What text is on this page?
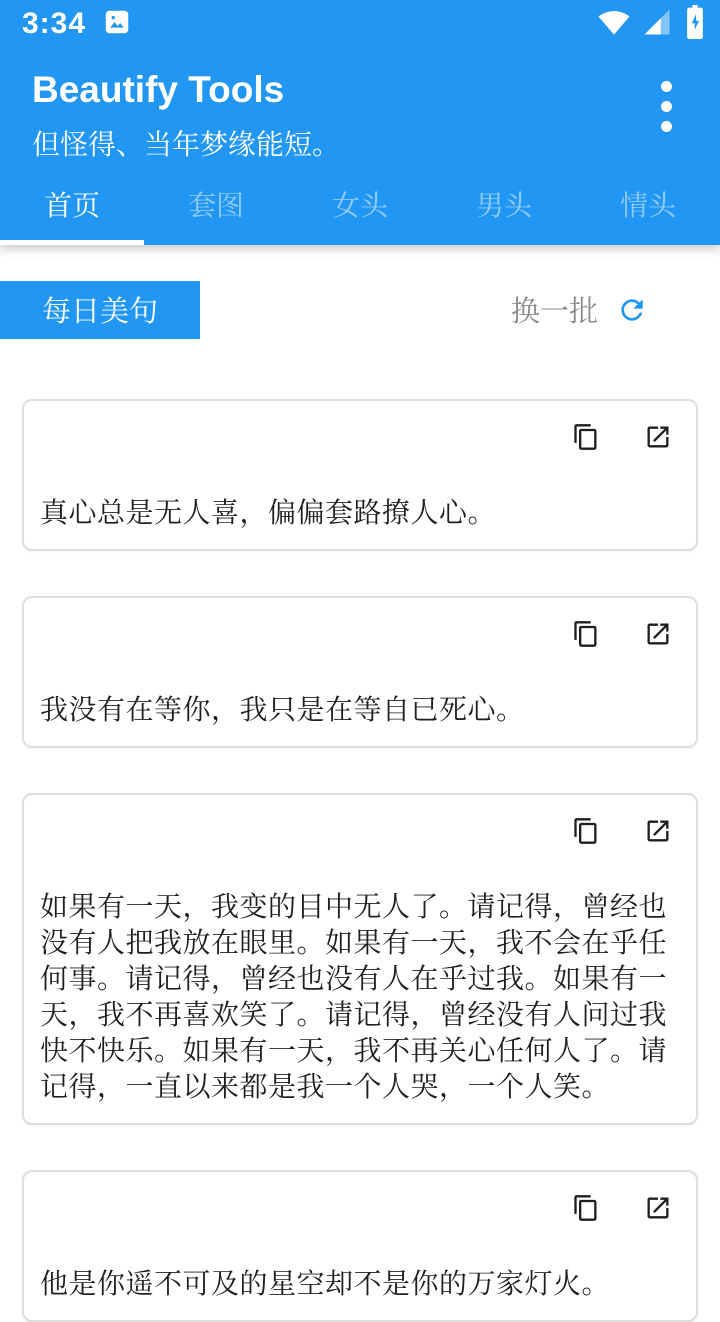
3:34
Beautify Tools
但怪得、当年梦缘能短。
首页	套图	女头	男头	情头
每日美句	换一批
真心总是无人喜，偏偏套路撩人心。
我没有在等你，我只是在等自已死心。
如果有一天，我变的目中无人了。请记得，曾经也没有人把我放在眼里。如果有一天，我不会在乎任何事。请记得，曾经也没有人在乎过我。如果有一天，我不再喜欢笑了。请记得，曾经没有人问过我快不快乐。如果有一天，我不再关心任何人了。请记得，一直以来都是我一个人哭，一个人笑。
他是你遥不可及的星空却不是你的万家灯火。
